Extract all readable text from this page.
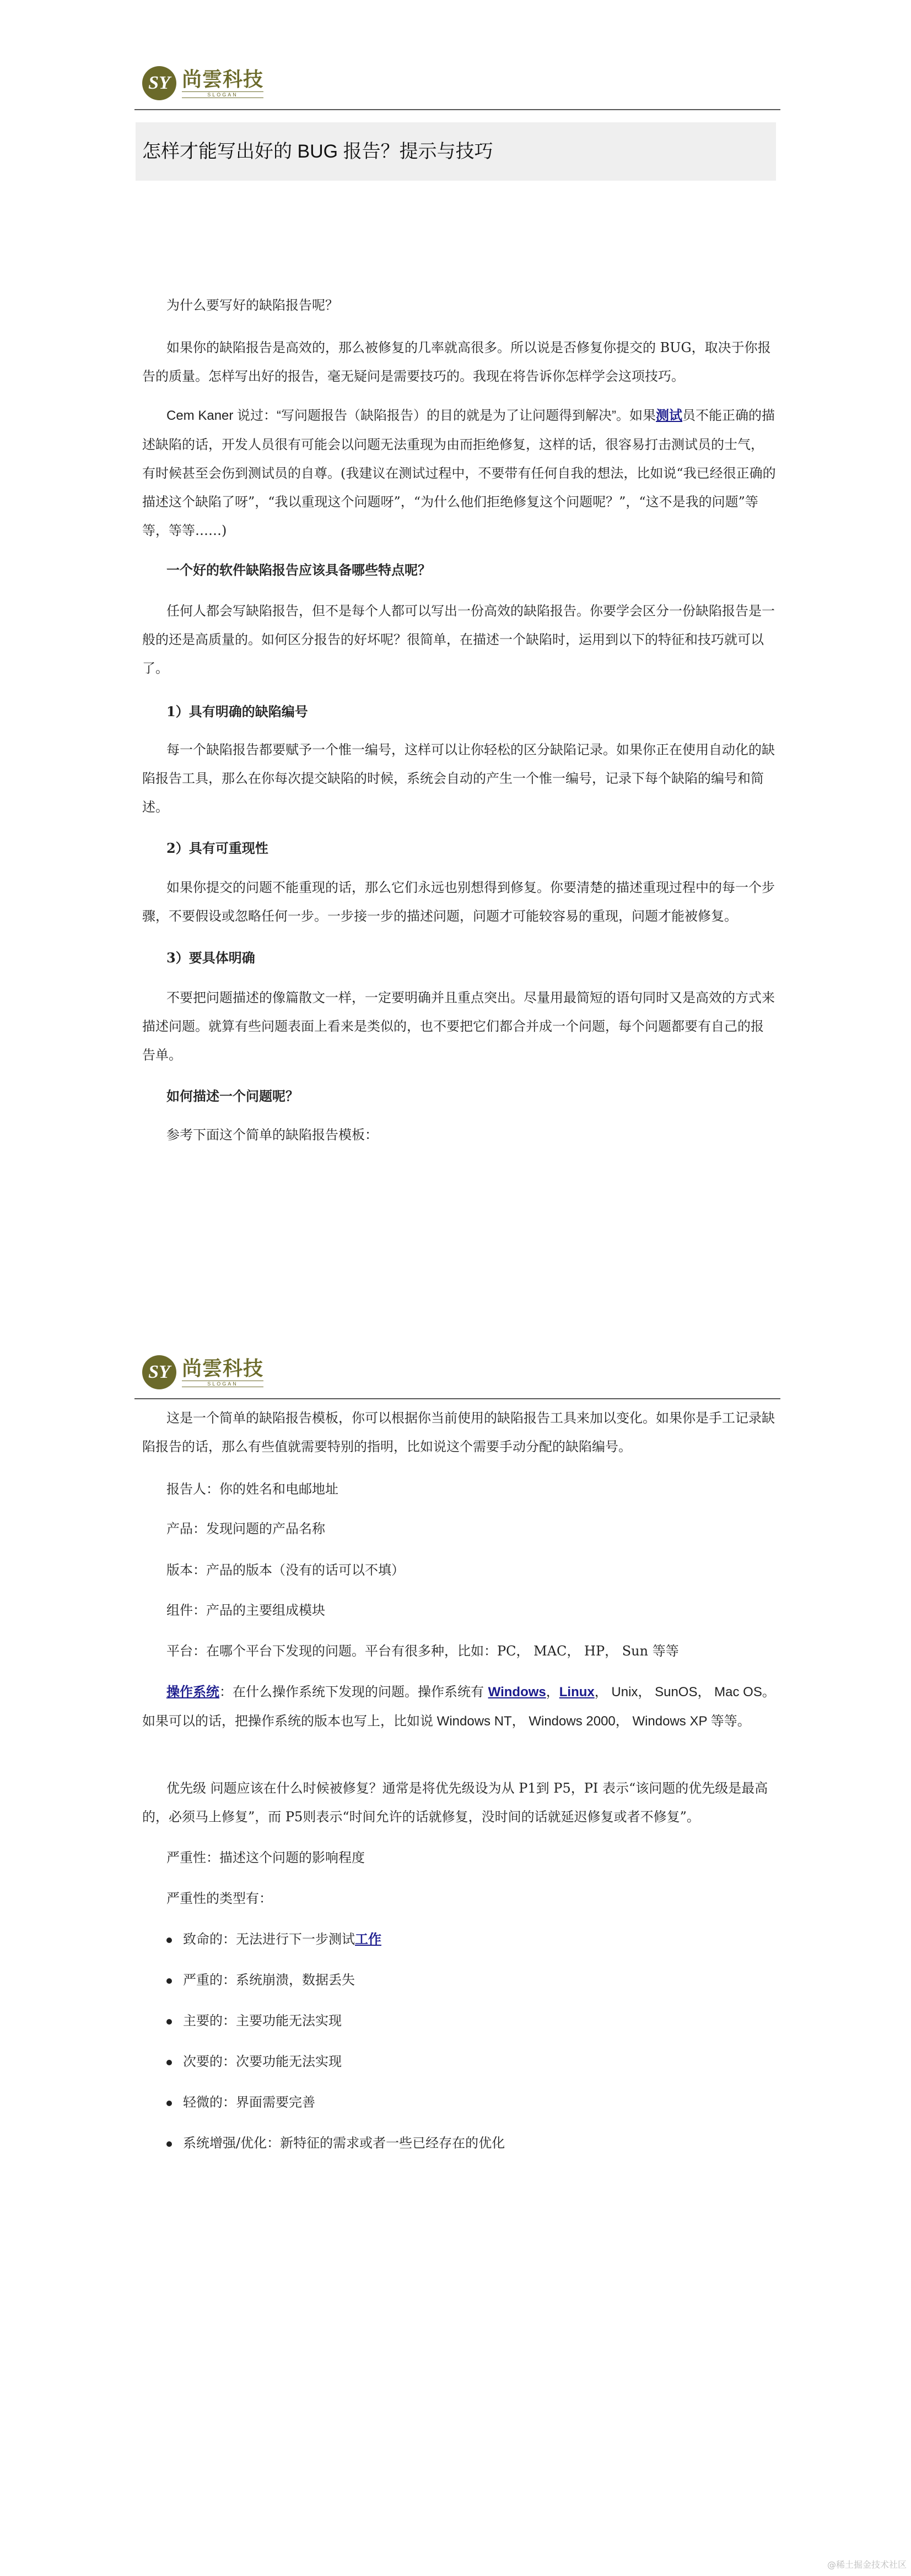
SY 尚雲科技
SLOGAN
怎样才能写出好的 BUG 报告？提示与技巧

为什么要写好的缺陷报告呢？

如果你的缺陷报告是高效的，那么被修复的几率就高很多。所以说是否修复你提交的 BUG，取决于你报告的质量。怎样写出好的报告，毫无疑问是需要技巧的。我现在将告诉你怎样学会这项技巧。

Cem Kaner 说过：“写问题报告（缺陷报告）的目的就是为了让问题得到解决”。如果测试员不能正确的描述缺陷的话，开发人员很有可能会以问题无法重现为由而拒绝修复，这样的话，很容易打击测试员的士气，有时候甚至会伤到测试员的自尊。(我建议在测试过程中，不要带有任何自我的想法，比如说“我已经很正确的描述这个缺陷了呀”，“我以重现这个问题呀”，“为什么他们拒绝修复这个问题呢？”，“这不是我的问题”等等，等等……)

一个好的软件缺陷报告应该具备哪些特点呢？

任何人都会写缺陷报告，但不是每个人都可以写出一份高效的缺陷报告。你要学会区分一份缺陷报告是一般的还是高质量的。如何区分报告的好坏呢？很简单，在描述一个缺陷时，运用到以下的特征和技巧就可以了。

1）具有明确的缺陷编号

每一个缺陷报告都要赋予一个惟一编号，这样可以让你轻松的区分缺陷记录。如果你正在使用自动化的缺陷报告工具，那么在你每次提交缺陷的时候，系统会自动的产生一个惟一编号，记录下每个缺陷的编号和简述。

2）具有可重现性

如果你提交的问题不能重现的话，那么它们永远也别想得到修复。你要清楚的描述重现过程中的每一个步骤，不要假设或忽略任何一步。一步接一步的描述问题，问题才可能较容易的重现，问题才能被修复。

3）要具体明确

不要把问题描述的像篇散文一样，一定要明确并且重点突出。尽量用最简短的语句同时又是高效的方式来描述问题。就算有些问题表面上看来是类似的，也不要把它们都合并成一个问题，每个问题都要有自己的报告单。

如何描述一个问题呢？

参考下面这个简单的缺陷报告模板：

SY 尚雲科技
SLOGAN

这是一个简单的缺陷报告模板，你可以根据你当前使用的缺陷报告工具来加以变化。如果你是手工记录缺陷报告的话，那么有些值就需要特别的指明，比如说这个需要手动分配的缺陷编号。

报告人：你的姓名和电邮地址

产品：发现问题的产品名称

版本：产品的版本（没有的话可以不填）

组件：产品的主要组成模块

平台：在哪个平台下发现的问题。平台有很多种，比如：PC， MAC， HP， Sun 等等

操作系统：在什么操作系统下发现的问题。操作系统有 Windows，Linux， Unix， SunOS， Mac OS。如果可以的话，把操作系统的版本也写上，比如说 Windows NT， Windows 2000， Windows XP 等等。

优先级 问题应该在什么时候被修复？通常是将优先级设为从 P1到 P5，PI 表示“该问题的优先级是最高的，必须马上修复”，而 P5则表示“时间允许的话就修复，没时间的话就延迟修复或者不修复”。

严重性：描述这个问题的影响程度

严重性的类型有：

致命的：无法进行下一步测试工作

严重的：系统崩溃，数据丢失

主要的：主要功能无法实现

次要的：次要功能无法实现

轻微的：界面需要完善

系统增强/优化：新特征的需求或者一些已经存在的优化

@稀土掘金技术社区
